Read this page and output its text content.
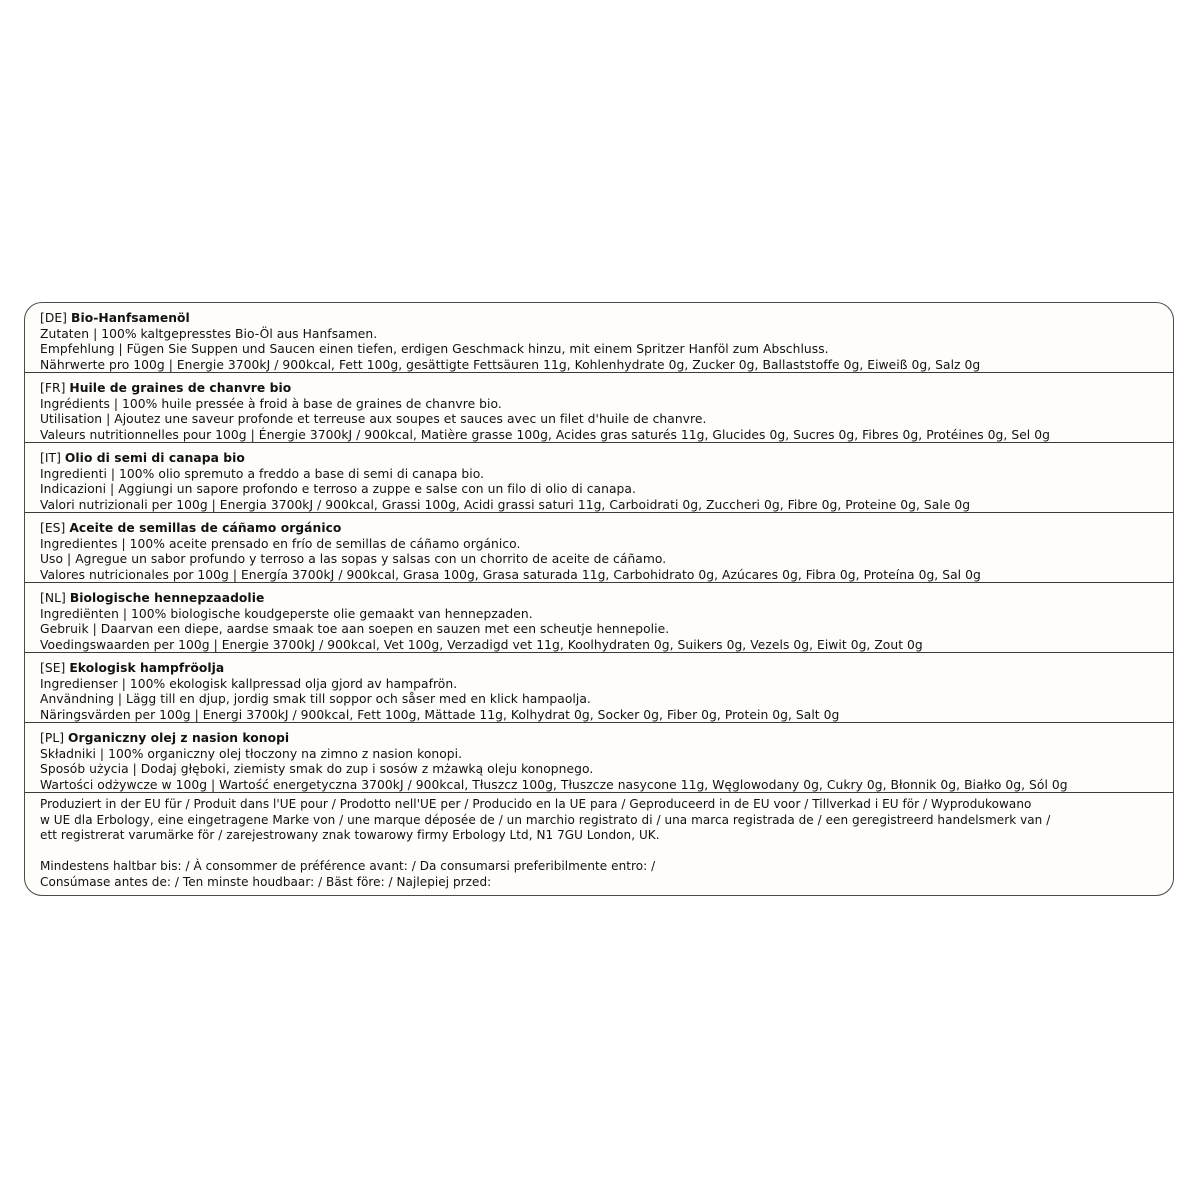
[DE] Bio-Hanfsamenöl
Zutaten | 100% kaltgepresstes Bio-Öl aus Hanfsamen.
Empfehlung | Fügen Sie Suppen und Saucen einen tiefen, erdigen Geschmack hinzu, mit einem Spritzer Hanföl zum Abschluss.
Nährwerte pro 100g | Energie 3700kJ / 900kcal, Fett 100g, gesättigte Fettsäuren 11g, Kohlenhydrate 0g, Zucker 0g, Ballaststoffe 0g, Eiweiß 0g, Salz 0g
[FR] Huile de graines de chanvre bio
Ingrédients | 100% huile pressée à froid à base de graines de chanvre bio.
Utilisation | Ajoutez une saveur profonde et terreuse aux soupes et sauces avec un filet d'huile de chanvre.
Valeurs nutritionnelles pour 100g | Énergie 3700kJ / 900kcal, Matière grasse 100g, Acides gras saturés 11g, Glucides 0g, Sucres 0g, Fibres 0g, Protéines 0g, Sel 0g
[IT] Olio di semi di canapa bio
Ingredienti | 100% olio spremuto a freddo a base di semi di canapa bio.
Indicazioni | Aggiungi un sapore profondo e terroso a zuppe e salse con un filo di olio di canapa.
Valori nutrizionali per 100g | Energia 3700kJ / 900kcal, Grassi 100g, Acidi grassi saturi 11g, Carboidrati 0g, Zuccheri 0g, Fibre 0g, Proteine 0g, Sale 0g
[ES] Aceite de semillas de cáñamo orgánico
Ingredientes | 100% aceite prensado en frío de semillas de cáñamo orgánico.
Uso | Agregue un sabor profundo y terroso a las sopas y salsas con un chorrito de aceite de cáñamo.
Valores nutricionales por 100g | Energía 3700kJ / 900kcal, Grasa 100g, Grasa saturada 11g, Carbohidrato 0g, Azúcares 0g, Fibra 0g, Proteína 0g, Sal 0g
[NL] Biologische hennepzaadolie
Ingrediënten | 100% biologische koudgeperste olie gemaakt van hennepzaden.
Gebruik | Daarvan een diepe, aardse smaak toe aan soepen en sauzen met een scheutje hennepolie.
Voedingswaarden per 100g | Energie 3700kJ / 900kcal, Vet 100g, Verzadigd vet 11g, Koolhydraten 0g, Suikers 0g, Vezels 0g, Eiwit 0g, Zout 0g
[SE] Ekologisk hampfröolja
Ingredienser | 100% ekologisk kallpressad olja gjord av hampafrön.
Användning | Lägg till en djup, jordig smak till soppor och såser med en klick hampaolja.
Näringsvärden per 100g | Energi 3700kJ / 900kcal, Fett 100g, Mättade 11g, Kolhydrat 0g, Socker 0g, Fiber 0g, Protein 0g, Salt 0g
[PL] Organiczny olej z nasion konopi
Składniki | 100% organiczny olej tłoczony na zimno z nasion konopi.
Sposób użycia | Dodaj głęboki, ziemisty smak do zup i sosów z mżawką oleju konopnego.
Wartości odżywcze w 100g | Wartość energetyczna 3700kJ / 900kcal, Tłuszcz 100g, Tłuszcze nasycone 11g, Węglowodany 0g, Cukry 0g, Błonnik 0g, Białko 0g, Sól 0g
Produziert in der EU für / Produit dans l'UE pour / Prodotto nell'UE per / Producido en la UE para / Geproduceerd in de EU voor / Tillverkad i EU för / Wyprodukowano
w UE dla Erbology, eine eingetragene Marke von / une marque déposée de / un marchio registrato di / una marca registrada de / een geregistreerd handelsmerk van /
ett registrerat varumärke för / zarejestrowany znak towarowy firmy Erbology Ltd, N1 7GU London, UK.
Mindestens haltbar bis: / À consommer de préférence avant: / Da consumarsi preferibilmente entro: /
Consúmase antes de: / Ten minste houdbaar: / Bäst före: / Najlepiej przed:
